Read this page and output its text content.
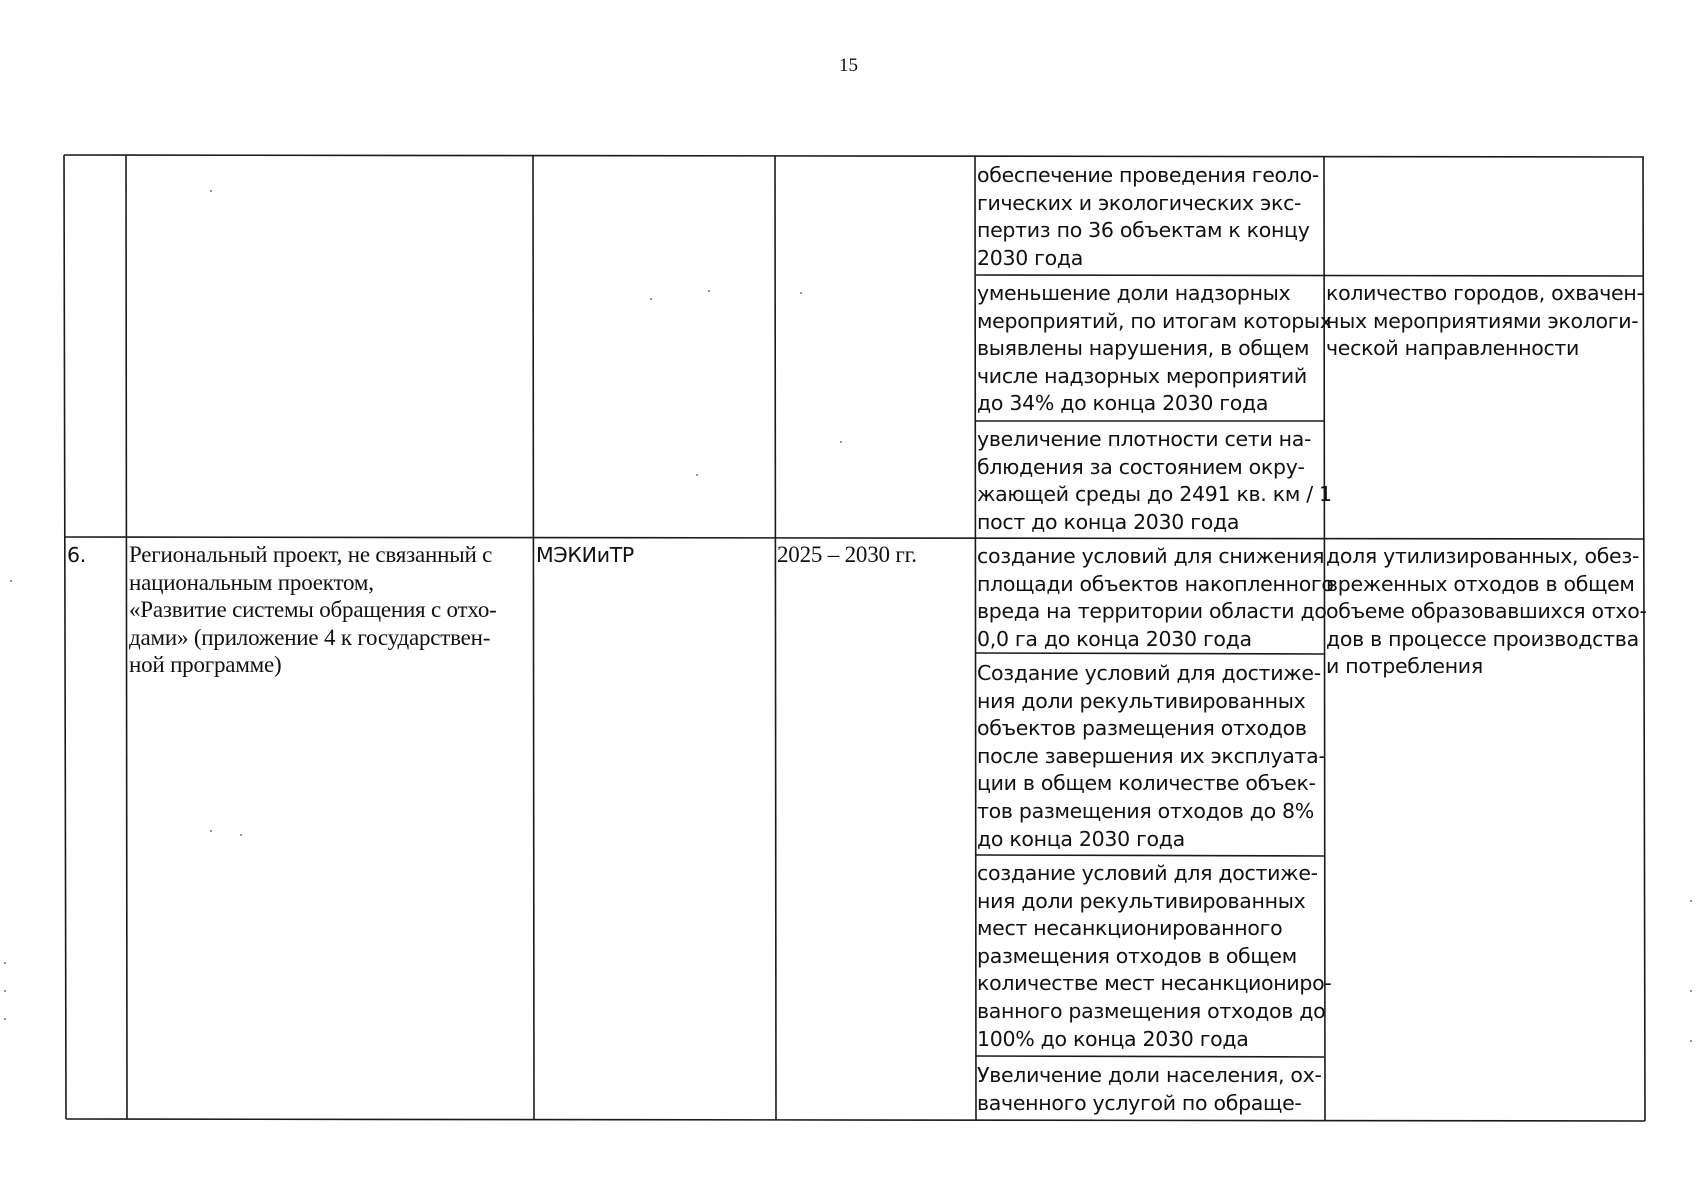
15
обеспечение проведения геоло-
гических и экологических экс-
пертиз по 36 объектам к концу
2030 года
уменьшение доли надзорных
мероприятий, по итогам которых
выявлены нарушения, в общем
числе надзорных мероприятий
до 34% до конца 2030 года
увеличение плотности сети на-
блюдения за состоянием окру-
жающей среды до 2491 кв. км / 1
пост до конца 2030 года
количество городов, охвачен-
ных мероприятиями экологи-
ческой направленности
6. Региональный проект, не связанный с
национальным проектом,
«Развитие системы обращения с отхо-
дами» (приложение 4 к государствен-
ной программе)
МЭКИиТР	2025 – 2030 гг.	создание условий для снижения
площади объектов накопленного
вреда на территории области до
0,0 га до конца 2030 года
Создание условий для достиже-
ния доли рекультивированных
объектов размещения отходов
после завершения их эксплуата-
ции в общем количестве объек-
тов размещения отходов до 8%
до конца 2030 года
создание условий для достиже-
ния доли рекультивированных
мест несанкционированного
размещения отходов в общем
количестве мест несанкциониро-
ванного размещения отходов до
100% до конца 2030 года
Увеличение доли населения, ох-
ваченного услугой по обраще-
доля утилизированных, обез-
вреженных отходов в общем
объеме образовавшихся отхо-
дов в процессе производства
и потребления
